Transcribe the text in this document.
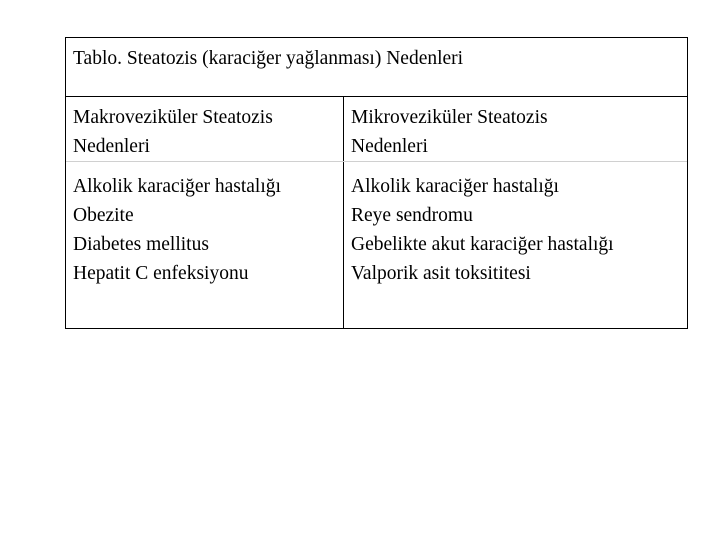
Tablo. Steatozis (karaciğer yağlanması) Nedenleri
Makroveziküler Steatozis
Nedenleri
Alkolik karaciğer hastalığı
Obezite
Diabetes mellitus
Hepatit C enfeksiyonu
Mikroveziküler Steatozis
Nedenleri
Alkolik karaciğer hastalığı
Reye sendromu
Gebelikte akut karaciğer hastalığı
Valporik asit toksititesi
